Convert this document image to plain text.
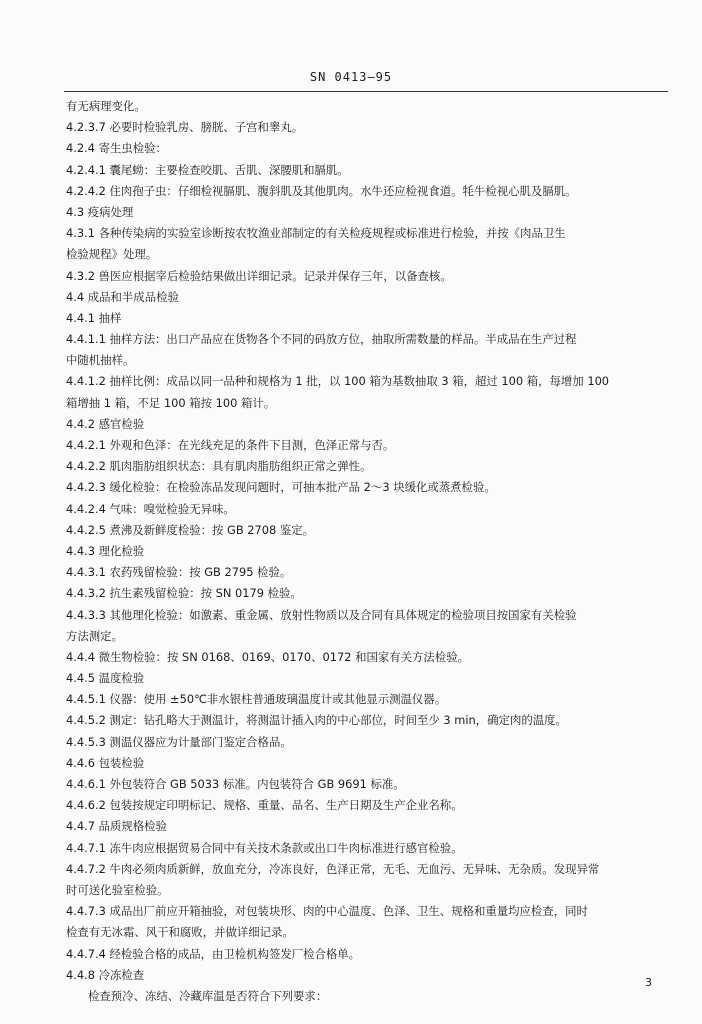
SN 0413—95
有无病理变化。
4.2.3.7 必要时检验乳房、膀胱、子宫和睾丸。
4.2.4 寄生虫检验：
4.2.4.1 囊尾蚴：主要检查咬肌、舌肌、深腰肌和膈肌。
4.2.4.2 住肉孢子虫：仔细检视膈肌、腹斜肌及其他肌肉。水牛还应检视食道。牦牛检视心肌及膈肌。
4.3 疫病处理
4.3.1 各种传染病的实验室诊断按农牧渔业部制定的有关检疫规程或标准进行检验，并按《肉品卫生
检验规程》处理。
4.3.2 兽医应根据宰后检验结果做出详细记录。记录并保存三年，以备查核。
4.4 成品和半成品检验
4.4.1 抽样
4.4.1.1 抽样方法：出口产品应在货物各个不同的码放方位，抽取所需数量的样品。半成品在生产过程
中随机抽样。
4.4.1.2 抽样比例：成品以同一品种和规格为 1 批，以 100 箱为基数抽取 3 箱，超过 100 箱，每增加 100
箱增抽 1 箱，不足 100 箱按 100 箱计。
4.4.2 感官检验
4.4.2.1 外观和色泽：在光线充足的条件下目测，色泽正常与否。
4.4.2.2 肌肉脂肪组织状态：具有肌肉脂肪组织正常之弹性。
4.4.2.3 缓化检验：在检验冻品发现问题时，可抽本批产品 2～3 块缓化或蒸煮检验。
4.4.2.4 气味：嗅觉检验无异味。
4.4.2.5 煮沸及新鲜度检验：按 GB 2708 鉴定。
4.4.3 理化检验
4.4.3.1 农药残留检验：按 GB 2795 检验。
4.4.3.2 抗生素残留检验：按 SN 0179 检验。
4.4.3.3 其他理化检验：如激素、重金属、放射性物质以及合同有具体规定的检验项目按国家有关检验
方法测定。
4.4.4 微生物检验：按 SN 0168、0169、0170、0172 和国家有关方法检验。
4.4.5 温度检验
4.4.5.1 仪器：使用 ±50℃非水银柱普通玻璃温度计或其他显示测温仪器。
4.4.5.2 测定：钻孔略大于测温计，将测温计插入肉的中心部位，时间至少 3 min，确定肉的温度。
4.4.5.3 测温仪器应为计量部门鉴定合格品。
4.4.6 包装检验
4.4.6.1 外包装符合 GB 5033 标准。内包装符合 GB 9691 标准。
4.4.6.2 包装按规定印明标记、规格、重量、品名、生产日期及生产企业名称。
4.4.7 品质规格检验
4.4.7.1 冻牛肉应根据贸易合同中有关技术条款或出口牛肉标准进行感官检验。
4.4.7.2 牛肉必须肉质新鲜，放血充分，冷冻良好，色泽正常，无毛、无血污、无异味、无杂质。发现异常
时可送化验室检验。
4.4.7.3 成品出厂前应开箱抽验，对包装块形、肉的中心温度、色泽、卫生、规格和重量均应检查，同时
检查有无冰霜、风干和腐败，并做详细记录。
4.4.7.4 经检验合格的成品，由卫检机构签发厂检合格单。
4.4.8 冷冻检查
检查预冷、冻结、冷藏库温是否符合下列要求：
3
